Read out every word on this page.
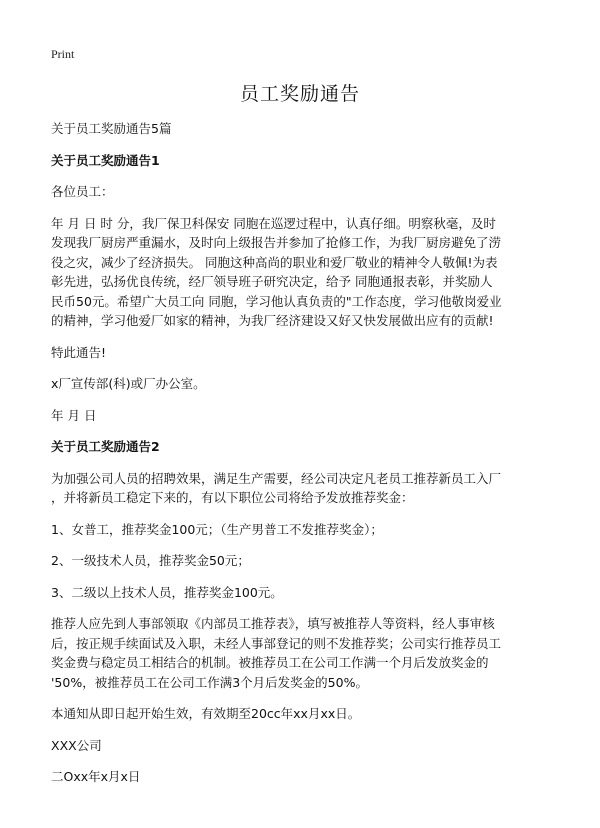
Print
员工奖励通告

关于员工奖励通告5篇

关于员工奖励通告1

各位员工：

年 月 日 时 分，我厂保卫科保安 同胞在巡逻过程中，认真仔细。明察秋毫，及时

发现我厂厨房严重漏水，及时向上级报告并参加了抢修工作，为我厂厨房避免了涝

役之灾，减少了经济损失。 同胞这种高尚的职业和爱厂敬业的精神令人敬佩!为表

彰先进，弘扬优良传统，经厂领导班子研究决定，给予 同胞通报表彰，并奖励人

民币50元。希望广大员工向 同胞，学习他认真负责的"工作态度，学习他敬岗爱业

的精神，学习他爱厂如家的精神，为我厂经济建设又好又快发展做出应有的贡献!

特此通告!

x厂宣传部(科)或厂办公室。

年 月 日

关于员工奖励通告2

为加强公司人员的招聘效果，满足生产需要，经公司决定凡老员工推荐新员工入厂

，并将新员工稳定下来的，有以下职位公司将给予发放推荐奖金：

1、女普工，推荐奖金100元；（生产男普工不发推荐奖金）；

2、一级技术人员，推荐奖金50元；

3、二级以上技术人员，推荐奖金100元。

推荐人应先到人事部领取《内部员工推荐表》，填写被推荐人等资料，经人事审核

后，按正规手续面试及入职，未经人事部登记的则不发推荐奖；公司实行推荐员工

奖金费与稳定员工相结合的机制。被推荐员工在公司工作满一个月后发放奖金的

'50%，被推荐员工在公司工作满3个月后发奖金的50%。

本通知从即日起开始生效，有效期至20cc年xx月xx日。

XXX公司

二Oxx年x月x日
